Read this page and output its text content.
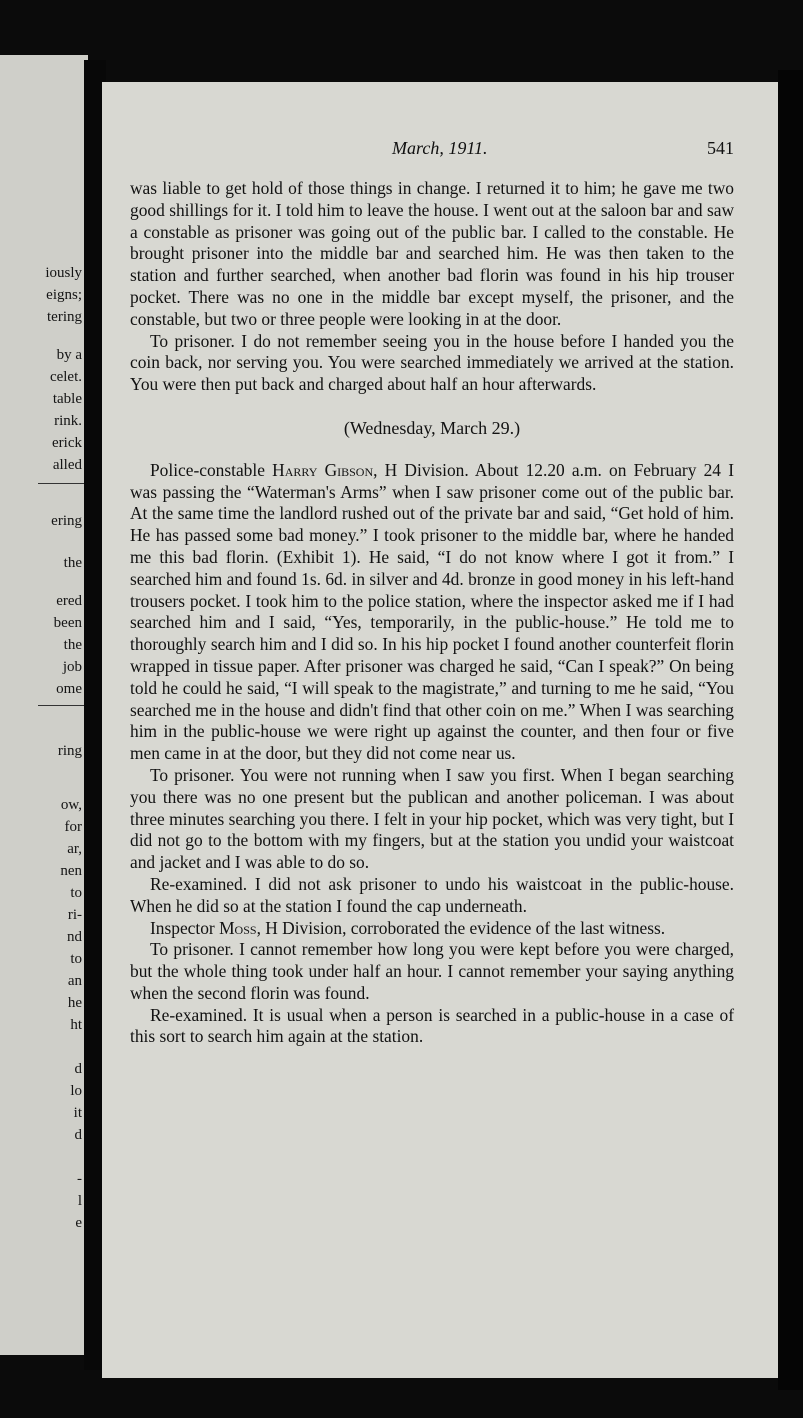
iously
eigns;
tering
by a
celet.
table
rink.
erick
alled
ering
the
ered
been
the
job
ome
ring
ow,
for
ar,
nen
to
ri-
nd
to
an
he
ht
d
lo
it
d
-
l
e
March, 1911.	541

was liable to get hold of those things in change. I returned it to him; he gave me two good shillings for it. I told him to leave the house. I went out at the saloon bar and saw a constable as prisoner was going out of the public bar. I called to the constable. He brought prisoner into the middle bar and searched him. He was then taken to the station and further searched, when another bad florin was found in his hip trouser pocket. There was no one in the middle bar except myself, the prisoner, and the constable, but two or three people were looking in at the door.

To prisoner. I do not remember seeing you in the house before I handed you the coin back, nor serving you. You were searched immediately we arrived at the station. You were then put back and charged about half an hour afterwards.

(Wednesday, March 29.)

Police-constable Harry Gibson, H Division. About 12.20 a.m. on February 24 I was passing the “Waterman's Arms” when I saw prisoner come out of the public bar. At the same time the landlord rushed out of the private bar and said, “Get hold of him. He has passed some bad money.” I took prisoner to the middle bar, where he handed me this bad florin. (Exhibit 1). He said, “I do not know where I got it from.” I searched him and found 1s. 6d. in silver and 4d. bronze in good money in his left-hand trousers pocket. I took him to the police station, where the inspector asked me if I had searched him and I said, “Yes, temporarily, in the public-house.” He told me to thoroughly search him and I did so. In his hip pocket I found another counterfeit florin wrapped in tissue paper. After prisoner was charged he said, “Can I speak?” On being told he could he said, “I will speak to the magistrate,” and turning to me he said, “You searched me in the house and didn't find that other coin on me.” When I was searching him in the public-house we were right up against the counter, and then four or five men came in at the door, but they did not come near us.

To prisoner. You were not running when I saw you first. When I began searching you there was no one present but the publican and another policeman. I was about three minutes searching you there. I felt in your hip pocket, which was very tight, but I did not go to the bottom with my fingers, but at the station you undid your waistcoat and jacket and I was able to do so.

Re-examined. I did not ask prisoner to undo his waistcoat in the public-house. When he did so at the station I found the cap underneath.

Inspector Moss, H Division, corroborated the evidence of the last witness.

To prisoner. I cannot remember how long you were kept before you were charged, but the whole thing took under half an hour. I cannot remember your saying anything when the second florin was found.

Re-examined. It is usual when a person is searched in a public-house in a case of this sort to search him again at the station.
